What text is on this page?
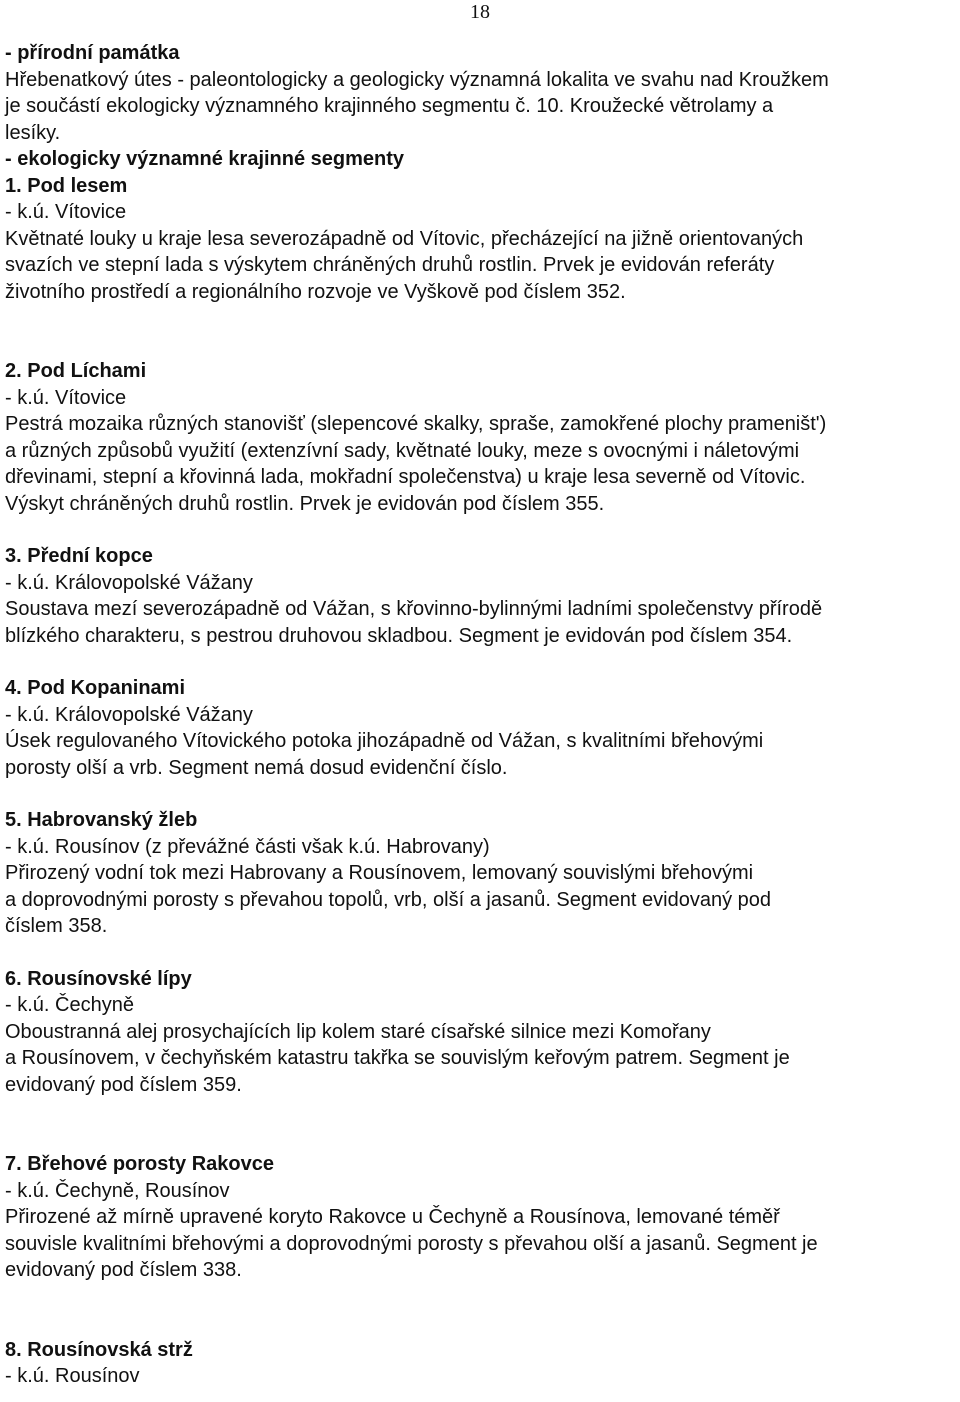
18
- přírodní památka
Hřebenatkový útes - paleontologicky a geologicky významná lokalita ve svahu nad Kroužkem
je součástí ekologicky významného krajinného segmentu č. 10. Kroužecké větrolamy a
lesíky.
- ekologicky významné krajinné segmenty
1. Pod lesem
- k.ú. Vítovice
Květnaté louky u kraje lesa severozápadně od Vítovic, přecházející na jižně orientovaných
svazích ve stepní lada s výskytem chráněných druhů rostlin. Prvek je evidován referáty
životního prostředí a regionálního rozvoje ve Vyškově pod číslem 352.
2. Pod Líchami
- k.ú. Vítovice
Pestrá mozaika různých stanovišť (slepencové skalky, spraše, zamokřené plochy prameništ')
a různých způsobů využití (extenzívní sady, květnaté louky, meze s ovocnými i náletovými
dřevinami, stepní a křovinná lada, mokřadní společenstva) u kraje lesa severně od Vítovic.
Výskyt chráněných druhů rostlin. Prvek je evidován pod číslem 355.
3. Přední kopce
- k.ú. Královopolské Vážany
Soustava mezí severozápadně od Vážan, s křovinno-bylinnými ladními společenstvy přírodě
blízkého charakteru, s pestrou druhovou skladbou. Segment je evidován pod číslem 354.
4. Pod Kopaninami
- k.ú. Královopolské Vážany
Úsek regulovaného Vítovického potoka jihozápadně od Vážan, s kvalitními břehovými
porosty olší a vrb. Segment nemá dosud evidenční číslo.
5. Habrovanský žleb
- k.ú. Rousínov (z převážné části však k.ú. Habrovany)
Přirozený vodní tok mezi Habrovany a Rousínovem, lemovaný souvislými břehovými
a doprovodnými porosty s převahou topolů, vrb, olší a jasanů. Segment evidovaný pod
číslem 358.
6. Rousínovské lípy
- k.ú. Čechyně
Oboustranná alej prosychajících lip kolem staré císařské silnice mezi Komořany
a Rousínovem, v čechyňském katastru takřka se souvislým keřovým patrem. Segment je
evidovaný pod číslem 359.
7. Břehové porosty Rakovce
- k.ú. Čechyně, Rousínov
Přirozené až mírně upravené koryto Rakovce u Čechyně a Rousínova, lemované téměř
souvisle kvalitními břehovými a doprovodnými porosty s převahou olší a jasanů. Segment je
evidovaný pod číslem 338.
8. Rousínovská strž
- k.ú. Rousínov
